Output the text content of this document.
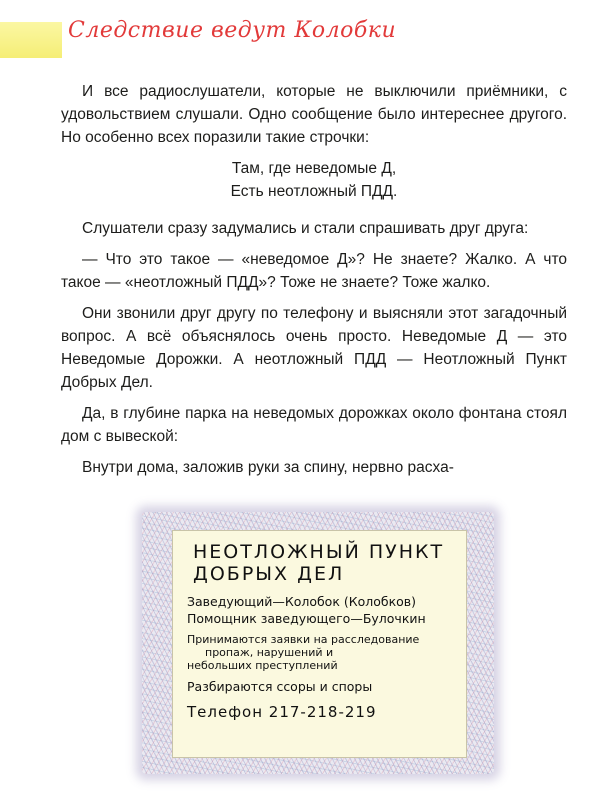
Следствие ведут Колобки

И все радиослушатели, которые не выключили приёмники, с удовольствием слушали. Одно сообщение было интереснее другого. Но особенно всех поразили такие строчки:

Там, где неведомые Д,
Есть неотложный ПДД.

Слушатели сразу задумались и стали спрашивать друг друга:

— Что это такое — «неведомое Д»? Не знаете? Жалко. А что такое — «неотложный ПДД»? Тоже не знаете? Тоже жалко.

Они звонили друг другу по телефону и выясняли этот загадочный вопрос. А всё объяснялось очень просто. Неведомые Д — это Неведомые Дорожки. А неотложный ПДД — Неотложный Пункт Добрых Дел.

Да, в глубине парка на неведомых дорожках около фонтана стоял дом с вывеской:

Внутри дома, заложив руки за спину, нервно расха-

НЕОТЛОЖНЫЙ ПУНКТ
ДОБРЫХ ДЕЛ

Заведующий—Колобок (Колобков)

Помощник заведующего—Булочкин

Принимаются заявки на расследование

пропаж, нарушений и

небольших преступлений

Разбираются ссоры и споры

Телефон 217-218-219
